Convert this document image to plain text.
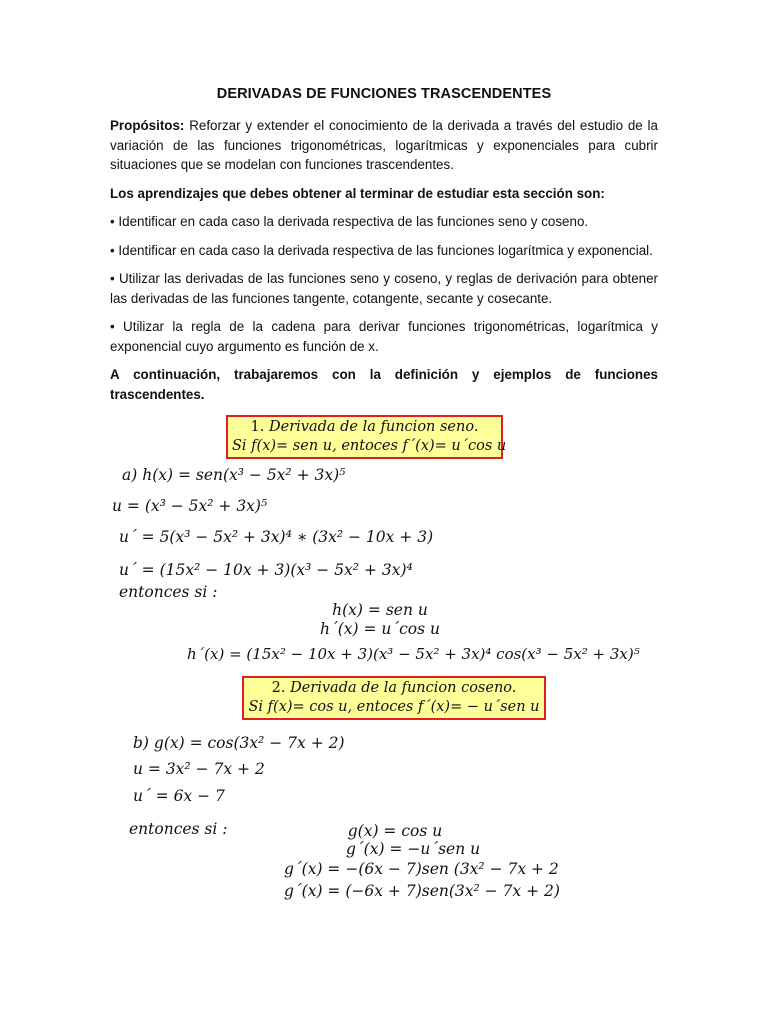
DERIVADAS DE FUNCIONES TRASCENDENTES

Propósitos: Reforzar y extender el conocimiento de la derivada a través del estudio de la variación de las funciones trigonométricas, logarítmicas y exponenciales para cubrir situaciones que se modelan con funciones trascendentes.

Los aprendizajes que debes obtener al terminar de estudiar esta sección son:

• Identificar en cada caso la derivada respectiva de las funciones seno y coseno.

• Identificar en cada caso la derivada respectiva de las funciones logarítmica y exponencial.

• Utilizar las derivadas de las funciones seno y coseno, y reglas de derivación para obtener las derivadas de las funciones tangente, cotangente, secante y cosecante.

• Utilizar la regla de la cadena para derivar funciones trigonométricas, logarítmica y exponencial cuyo argumento es función de x.

A continuación, trabajaremos con la definición y ejemplos de funciones trascendentes.

1. Derivada de la funcion seno.
Si f(x)= sen u, entoces f´(x)= u´cos u
a) h(x) = sen(x³ − 5x² + 3x)⁵
u = (x³ − 5x² + 3x)⁵
u´ = 5(x³ − 5x² + 3x)⁴ ∗ (3x² − 10x + 3)
u´ = (15x² − 10x + 3)(x³ − 5x² + 3x)⁴
entonces si :
h(x) = sen u
h´(x) = u´cos u
h´(x) = (15x² − 10x + 3)(x³ − 5x² + 3x)⁴ cos(x³ − 5x² + 3x)⁵
2. Derivada de la funcion coseno.
Si f(x)= cos u, entoces f´(x)= − u´sen u
b) g(x) = cos(3x² − 7x + 2)
u = 3x² − 7x + 2
u´ = 6x − 7
entonces si :	g(x) = cos u
g´(x) = −u´sen u
g´(x) = −(6x − 7)sen (3x² − 7x + 2
g´(x) = (−6x + 7)sen(3x² − 7x + 2)
